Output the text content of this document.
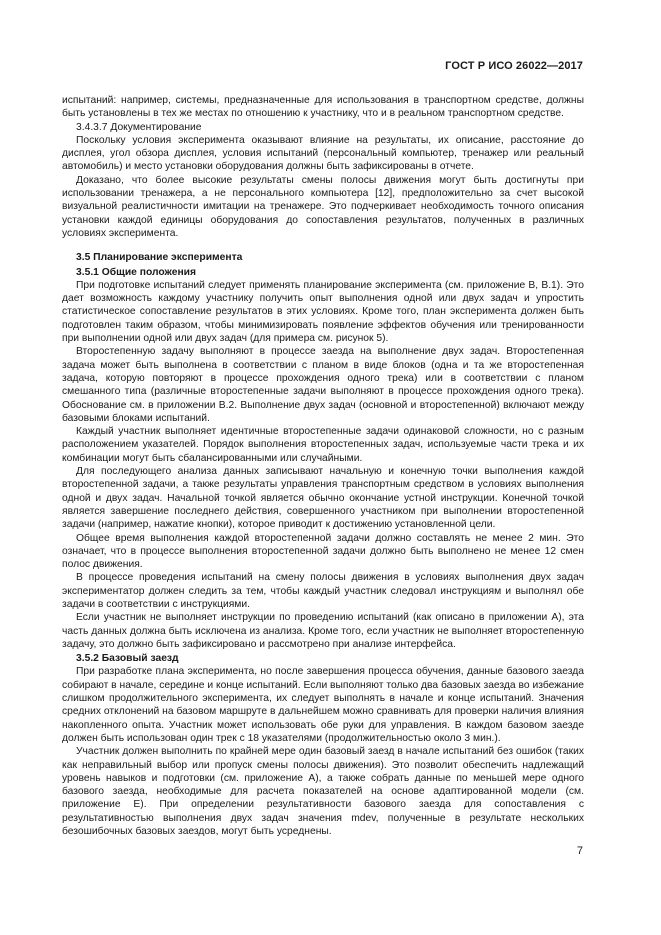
ГОСТ Р ИСО 26022—2017

испытаний: например, системы, предназначенные для использования в транспортном средстве, должны быть установлены в тех же местах по отношению к участнику, что и в реальном транспортном средстве.

3.4.3.7 Документирование

Поскольку условия эксперимента оказывают влияние на результаты, их описание, расстояние до дисплея, угол обзора дисплея, условия испытаний (персональный компьютер, тренажер или реальный автомобиль) и место установки оборудования должны быть зафиксированы в отчете.

Доказано, что более высокие результаты смены полосы движения могут быть достигнуты при использовании тренажера, а не персонального компьютера [12], предположительно за счет высокой визуальной реалистичности имитации на тренажере. Это подчеркивает необходимость точного описания установки каждой единицы оборудования до сопоставления результатов, полученных в различных условиях эксперимента.

3.5 Планирование эксперимента
3.5.1 Общие положения

При подготовке испытаний следует применять планирование эксперимента (см. приложение В, В.1). Это дает возможность каждому участнику получить опыт выполнения одной или двух задач и упростить статистическое сопоставление результатов в этих условиях. Кроме того, план эксперимента должен быть подготовлен таким образом, чтобы минимизировать появление эффектов обучения или тренированности при выполнении одной или двух задач (для примера см. рисунок 5).

Второстепенную задачу выполняют в процессе заезда на выполнение двух задач. Второстепенная задача может быть выполнена в соответствии с планом в виде блоков (одна и та же второстепенная задача, которую повторяют в процессе прохождения одного трека) или в соответствии с планом смешанного типа (различные второстепенные задачи выполняют в процессе прохождения одного трека). Обоснование см. в приложении В.2. Выполнение двух задач (основной и второстепенной) включают между базовыми блоками испытаний.

Каждый участник выполняет идентичные второстепенные задачи одинаковой сложности, но с разным расположением указателей. Порядок выполнения второстепенных задач, используемые части трека и их комбинации могут быть сбалансированными или случайными.

Для последующего анализа данных записывают начальную и конечную точки выполнения каждой второстепенной задачи, а также результаты управления транспортным средством в условиях выполнения одной и двух задач. Начальной точкой является обычно окончание устной инструкции. Конечной точкой является завершение последнего действия, совершенного участником при выполнении второстепенной задачи (например, нажатие кнопки), которое приводит к достижению установленной цели.

Общее время выполнения каждой второстепенной задачи должно составлять не менее 2 мин. Это означает, что в процессе выполнения второстепенной задачи должно быть выполнено не менее 12 смен полос движения.

В процессе проведения испытаний на смену полосы движения в условиях выполнения двух задач экспериментатор должен следить за тем, чтобы каждый участник следовал инструкциям и выполнял обе задачи в соответствии с инструкциями.

Если участник не выполняет инструкции по проведению испытаний (как описано в приложении А), эта часть данных должна быть исключена из анализа. Кроме того, если участник не выполняет второстепенную задачу, это должно быть зафиксировано и рассмотрено при анализе интерфейса.

3.5.2 Базовый заезд

При разработке плана эксперимента, но после завершения процесса обучения, данные базового заезда собирают в начале, середине и конце испытаний. Если выполняют только два базовых заезда во избежание слишком продолжительного эксперимента, их следует выполнять в начале и конце испытаний. Значения средних отклонений на базовом маршруте в дальнейшем можно сравнивать для проверки наличия влияния накопленного опыта. Участник может использовать обе руки для управления. В каждом базовом заезде должен быть использован один трек с 18 указателями (продолжительностью около 3 мин.).

Участник должен выполнить по крайней мере один базовый заезд в начале испытаний без ошибок (таких как неправильный выбор или пропуск смены полосы движения). Это позволит обеспечить надлежащий уровень навыков и подготовки (см. приложение А), а также собрать данные по меньшей мере одного базового заезда, необходимые для расчета показателей на основе адаптированной модели (см. приложение Е). При определении результативности базового заезда для сопоставления с результативностью выполнения двух задач значения mdev, полученные в результате нескольких безошибочных базовых заездов, могут быть усреднены.

7
